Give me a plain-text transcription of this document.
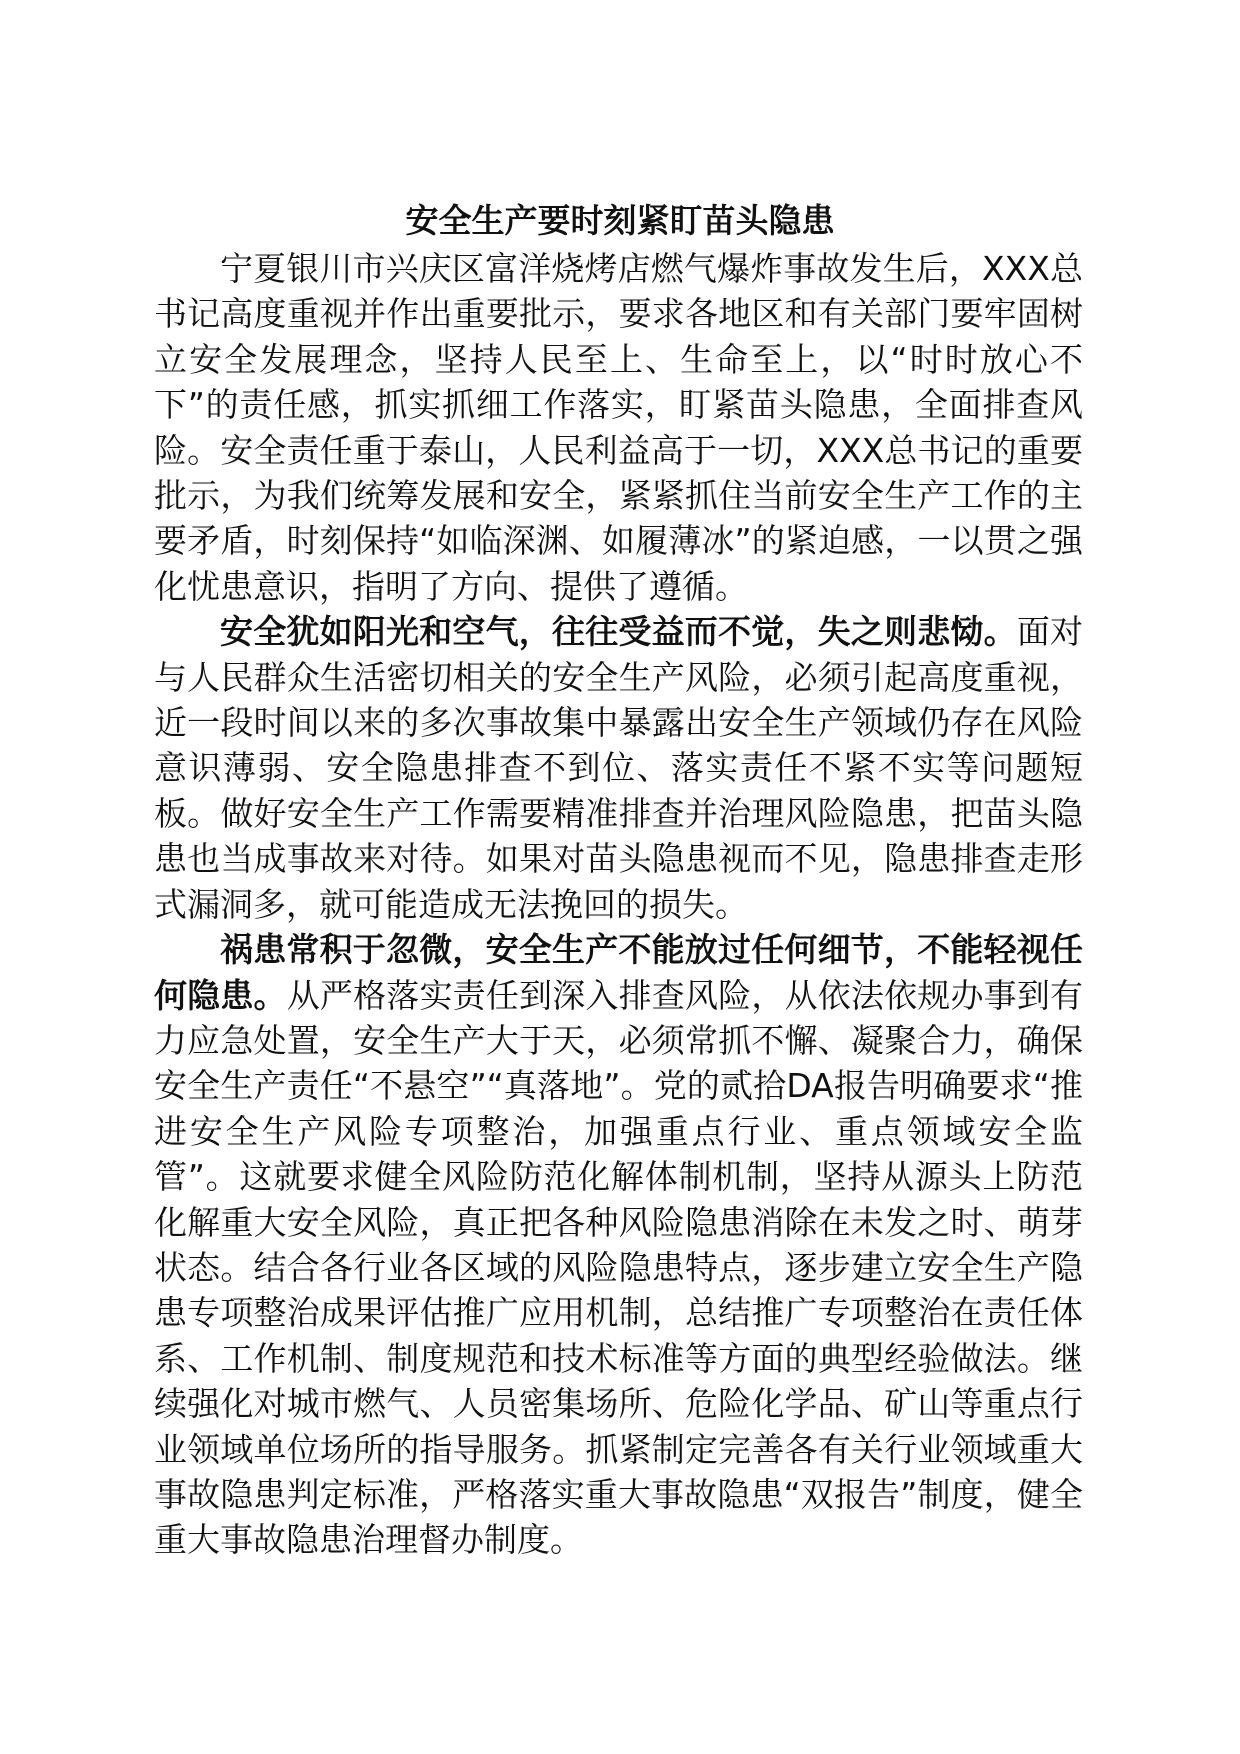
安全生产要时刻紧盯苗头隐患

宁夏银川市兴庆区富洋烧烤店燃气爆炸事故发生后，XXX总书记高度重视并作出重要批示，要求各地区和有关部门要牢固树立安全发展理念，坚持人民至上、生命至上，以“时时放心不下”的责任感，抓实抓细工作落实，盯紧苗头隐患，全面排查风险。安全责任重于泰山，人民利益高于一切，XXX总书记的重要批示，为我们统筹发展和安全，紧紧抓住当前安全生产工作的主要矛盾，时刻保持“如临深渊、如履薄冰”的紧迫感，一以贯之强化忧患意识，指明了方向、提供了遵循。

安全犹如阳光和空气，往往受益而不觉，失之则悲恸。面对与人民群众生活密切相关的安全生产风险，必须引起高度重视，近一段时间以来的多次事故集中暴露出安全生产领域仍存在风险意识薄弱、安全隐患排查不到位、落实责任不紧不实等问题短板。做好安全生产工作需要精准排查并治理风险隐患，把苗头隐患也当成事故来对待。如果对苗头隐患视而不见，隐患排查走形式漏洞多，就可能造成无法挽回的损失。

祸患常积于忽微，安全生产不能放过任何细节，不能轻视任何隐患。从严格落实责任到深入排查风险，从依法依规办事到有力应急处置，安全生产大于天，必须常抓不懈、凝聚合力，确保安全生产责任“不悬空”“真落地”。党的贰拾DA报告明确要求“推进安全生产风险专项整治，加强重点行业、重点领域安全监管”。这就要求健全风险防范化解体制机制，坚持从源头上防范化解重大安全风险，真正把各种风险隐患消除在未发之时、萌芽状态。结合各行业各区域的风险隐患特点，逐步建立安全生产隐患专项整治成果评估推广应用机制，总结推广专项整治在责任体系、工作机制、制度规范和技术标准等方面的典型经验做法。继续强化对城市燃气、人员密集场所、危险化学品、矿山等重点行业领域单位场所的指导服务。抓紧制定完善各有关行业领域重大事故隐患判定标准，严格落实重大事故隐患“双报告”制度，健全重大事故隐患治理督办制度。
